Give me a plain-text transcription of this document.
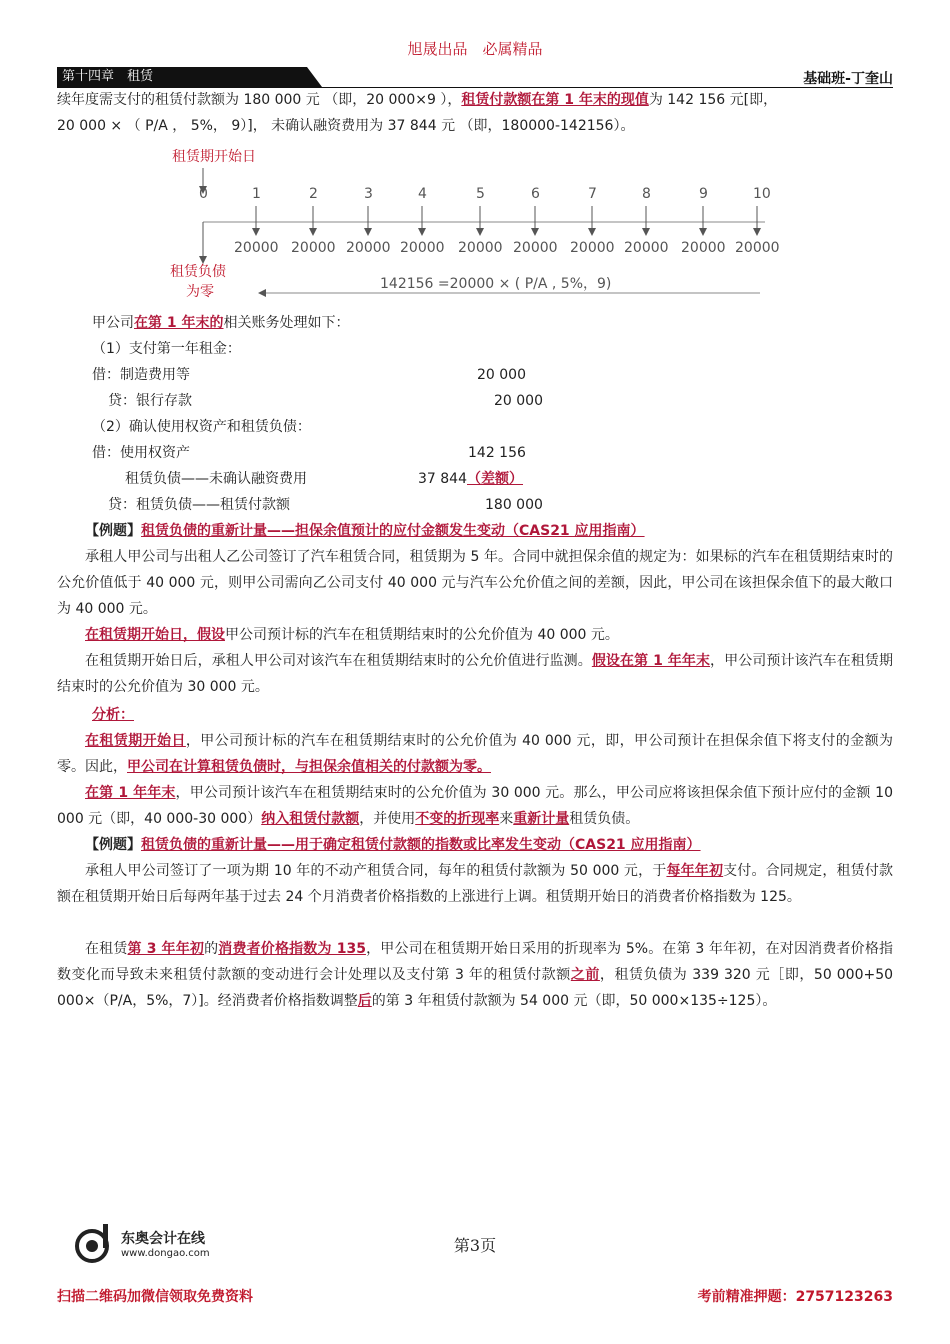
旭晟出品　必属精品
第十四章　租赁	基础班-丁奎山
续年度需支付的租赁付款额为 180 000 元 （即，20 000×9 ），租赁付款额在第 1 年末的现值为 142 156 元[即，
20 000 × （ P/A ， 5%， 9）]， 未确认融资费用为 37 844 元 （即，180000-142156）。
租赁期开始日
0	1	2	3	4	5	6	7	8	9	10
20000 20000 20000 20000 20000 20000 20000 20000 20000 20000
租赁负债
为零	142156 =20000 × ( P/A , 5%，9)
甲公司在第 1 年末的相关账务处理如下：
（1）支付第一年租金：
借：制造费用等	20 000
贷：银行存款	20 000
（2）确认使用权资产和租赁负债：
借：使用权资产	142 156
租赁负债——未确认融资费用	37 844（差额）
贷：租赁负债——租赁付款额	180 000
【例题】租赁负债的重新计量——担保余值预计的应付金额发生变动（CAS21 应用指南）
承租人甲公司与出租人乙公司签订了汽车租赁合同，租赁期为 5 年。合同中就担保余值的规定为：如果标的汽车在租赁期结束时的公允价值低于 40 000 元，则甲公司需向乙公司支付 40 000 元与汽车公允价值之间的差额，因此，甲公司在该担保余值下的最大敞口为 40 000 元。
在租赁期开始日，假设甲公司预计标的汽车在租赁期结束时的公允价值为 40 000 元。
在租赁期开始日后，承租人甲公司对该汽车在租赁期结束时的公允价值进行监测。假设在第 1 年年末，甲公司预计该汽车在租赁期结束时的公允价值为 30 000 元。
分析：
在租赁期开始日，甲公司预计标的汽车在租赁期结束时的公允价值为 40 000 元，即，甲公司预计在担保余值下将支付的金额为零。因此，甲公司在计算租赁负债时，与担保余值相关的付款额为零。
在第 1 年年末，甲公司预计该汽车在租赁期结束时的公允价值为 30 000 元。那么，甲公司应将该担保余值下预计应付的金额 10 000 元（即，40 000-30 000）纳入租赁付款额，并使用不变的折现率来重新计量租赁负债。
【例题】租赁负债的重新计量——用于确定租赁付款额的指数或比率发生变动（CAS21 应用指南）
承租人甲公司签订了一项为期 10 年的不动产租赁合同，每年的租赁付款额为 50 000 元，于每年年初支付。合同规定，租赁付款额在租赁期开始日后每两年基于过去 24 个月消费者价格指数的上涨进行上调。租赁期开始日的消费者价格指数为 125。
在租赁第 3 年年初的消费者价格指数为 135，甲公司在租赁期开始日采用的折现率为 5%。在第 3 年年初，在对因消费者价格指数变化而导致未来租赁付款额的变动进行会计处理以及支付第 3 年的租赁付款额之前，租赁负债为 339 320 元［即，50 000+50 000×（P/A，5%，7）]。经消费者价格指数调整后的第 3 年租赁付款额为 54 000 元（即，50 000×135÷125）。
东奥会计在线
www.dongao.com	第3页
扫描二维码加微信领取免费资料	考前精准押题：2757123263
